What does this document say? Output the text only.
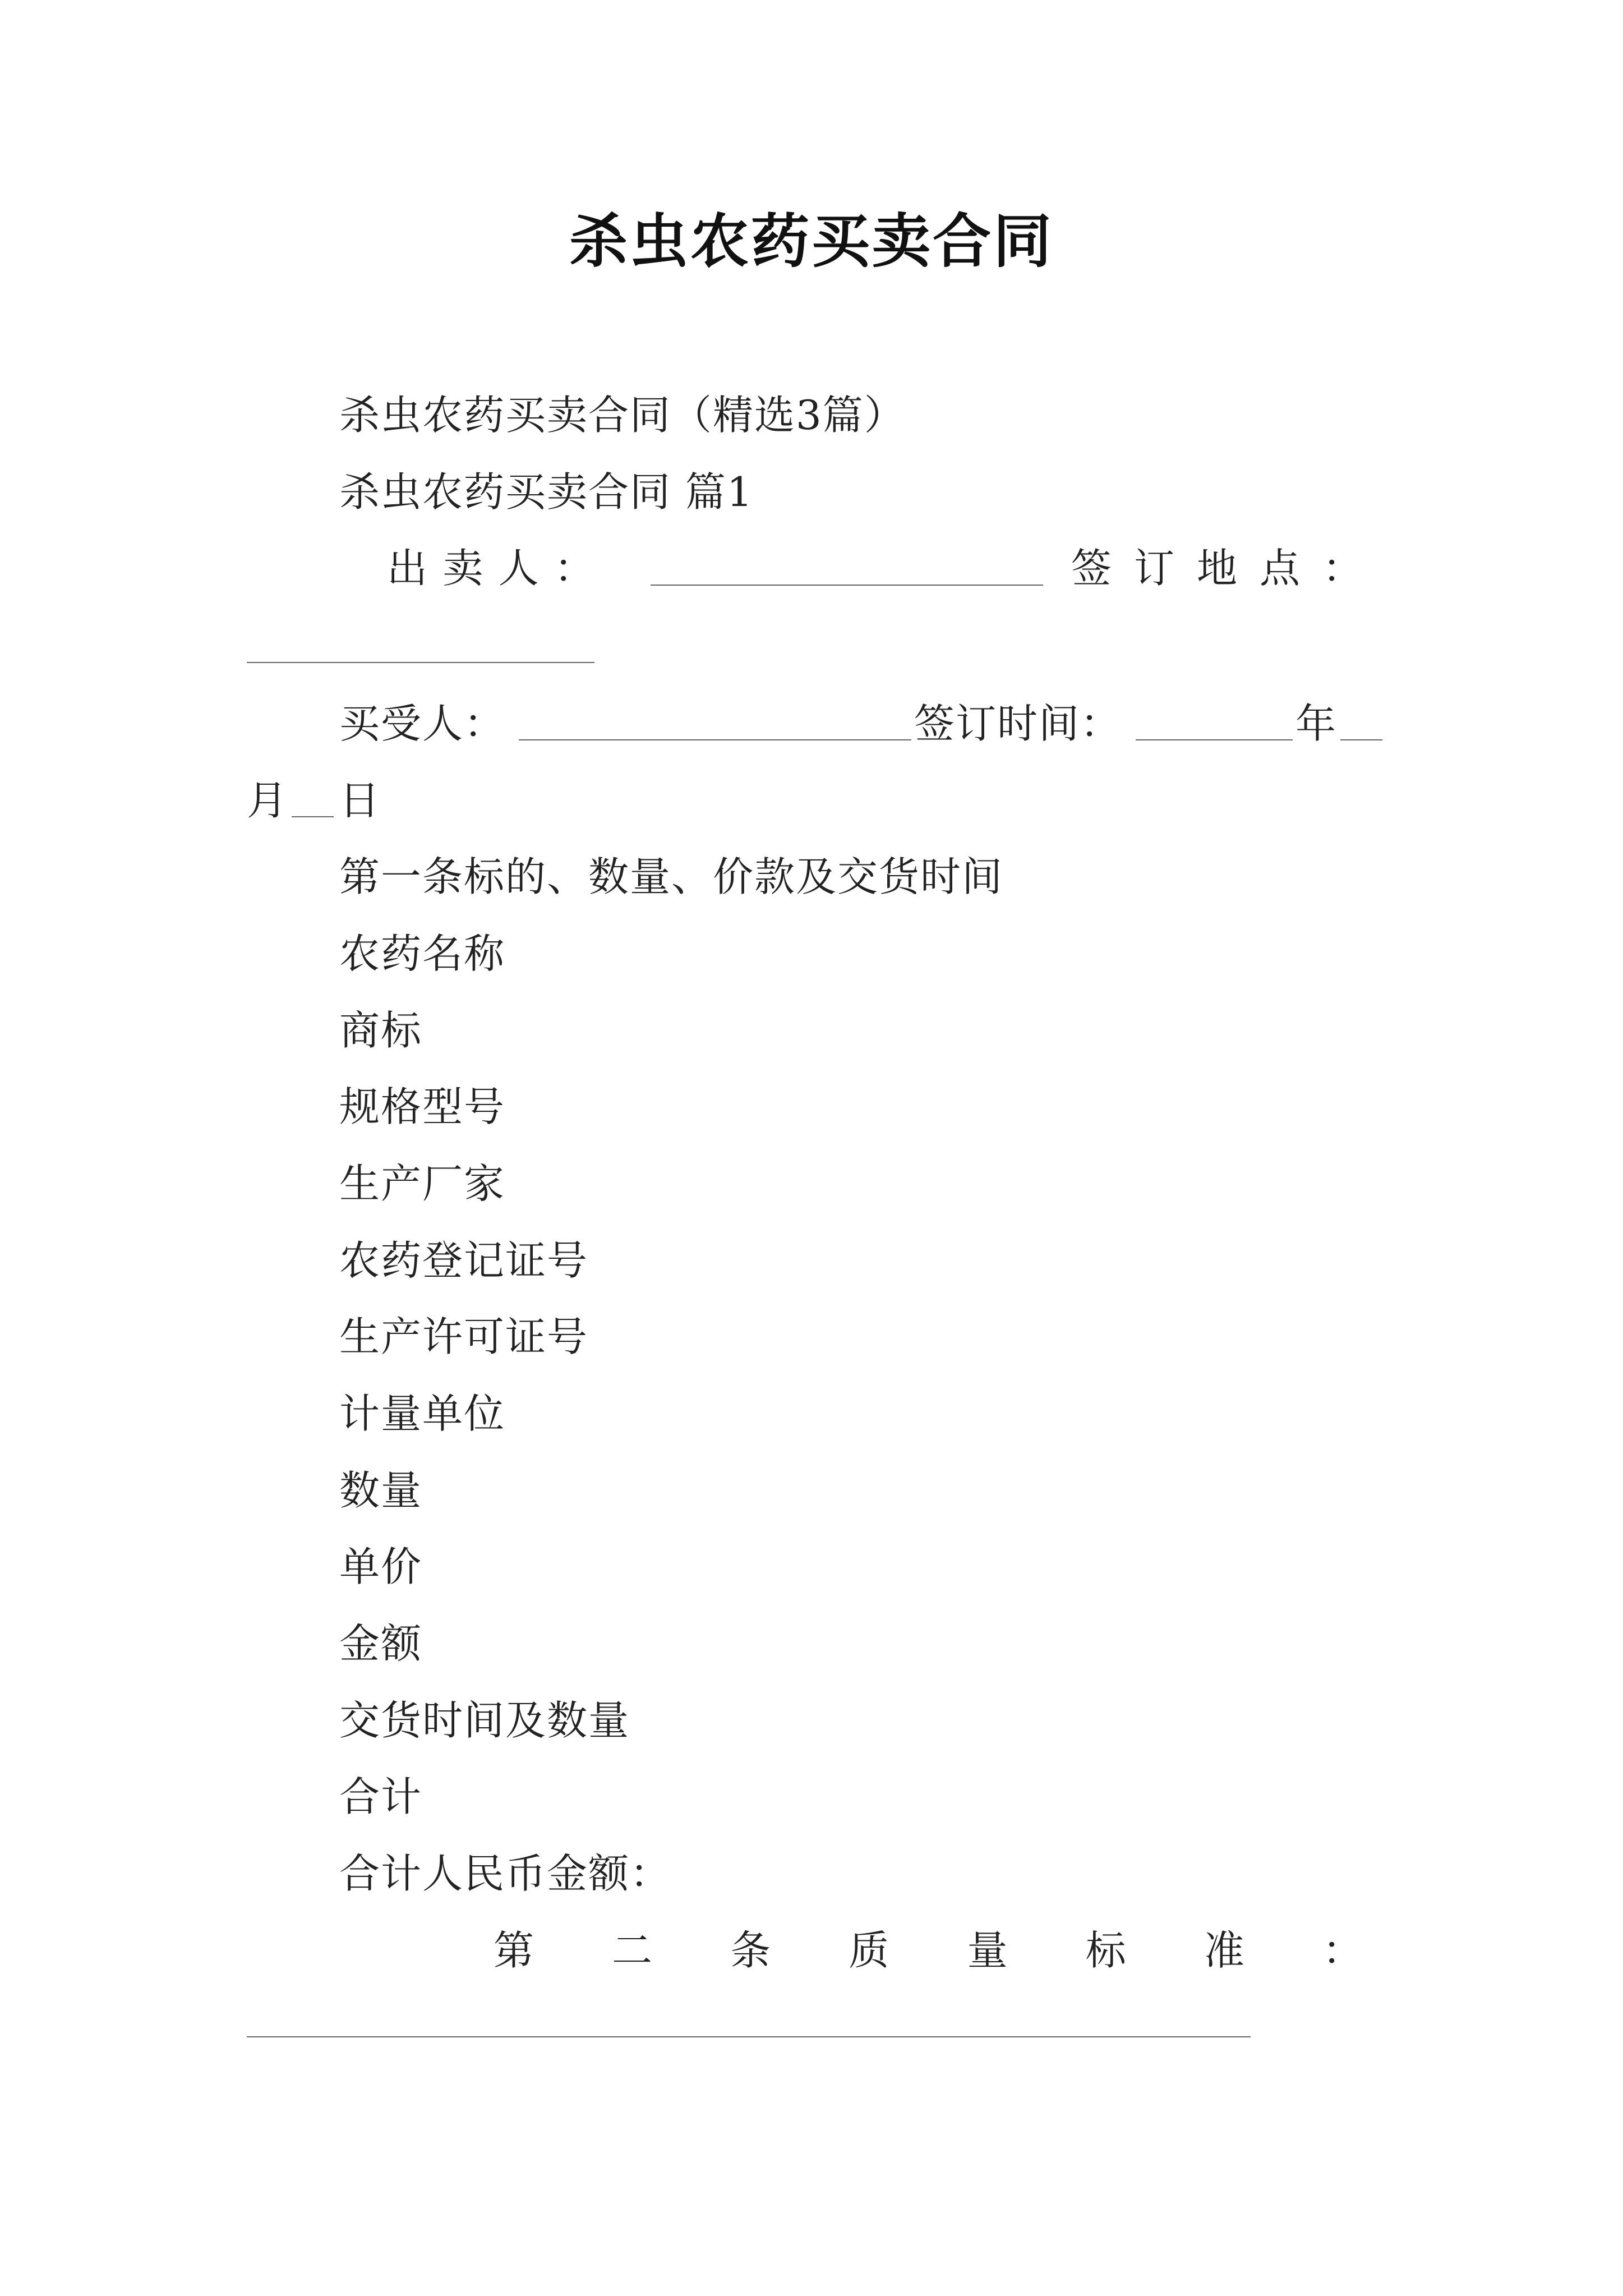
杀虫农药买卖合同
杀虫农药买卖合同（精选3篇）
杀虫农药买卖合同 篇1
出 卖 人 ：	签 订 地 点 ：
买受人：	签订时间：	年
月 日
第一条标的、数量、价款及交货时间
农药名称
商标
规格型号
生产厂家
农药登记证号
生产许可证号
计量单位
数量
单价
金额
交货时间及数量
合计
合计人民币金额：
第 二 条 质 量 标 准 ：
